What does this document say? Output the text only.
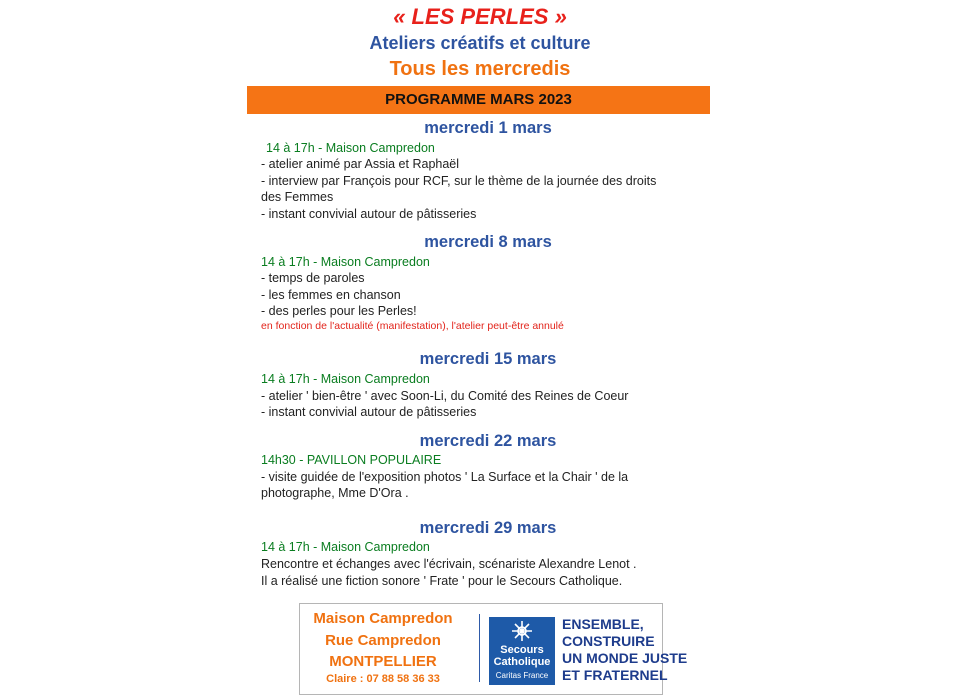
« LES PERLES »
Ateliers créatifs et culture
Tous les mercredis
PROGRAMME MARS 2023
mercredi 1 mars
14 à 17h - Maison Campredon
- atelier animé par Assia et Raphaël
- interview par François pour RCF, sur le thème de la journée des droits
des Femmes
- instant convivial autour de pâtisseries
mercredi 8 mars
14 à 17h - Maison Campredon
- temps de paroles
- les femmes en chanson
- des perles pour les Perles!
en fonction de l'actualité (manifestation), l'atelier peut-être annulé
mercredi 15 mars
14 à 17h - Maison Campredon
- atelier ' bien-être ' avec Soon-Li, du Comité des Reines de Coeur
- instant convivial autour de pâtisseries
mercredi 22 mars
14h30 - PAVILLON POPULAIRE
- visite guidée de l'exposition photos ' La Surface et la Chair ' de la
photographe, Mme D'Ora .
mercredi 29 mars
14 à 17h - Maison Campredon
Rencontre et échanges avec l'écrivain, scénariste Alexandre Lenot .
Il a réalisé une fiction sonore ' Frate ' pour le Secours Catholique.
Maison Campredon
Rue Campredon
MONTPELLIER
Claire : 07 88 58 36 33
Secours
Catholique
Caritas France
ENSEMBLE,
CONSTRUIRE
UN MONDE JUSTE
ET FRATERNEL
